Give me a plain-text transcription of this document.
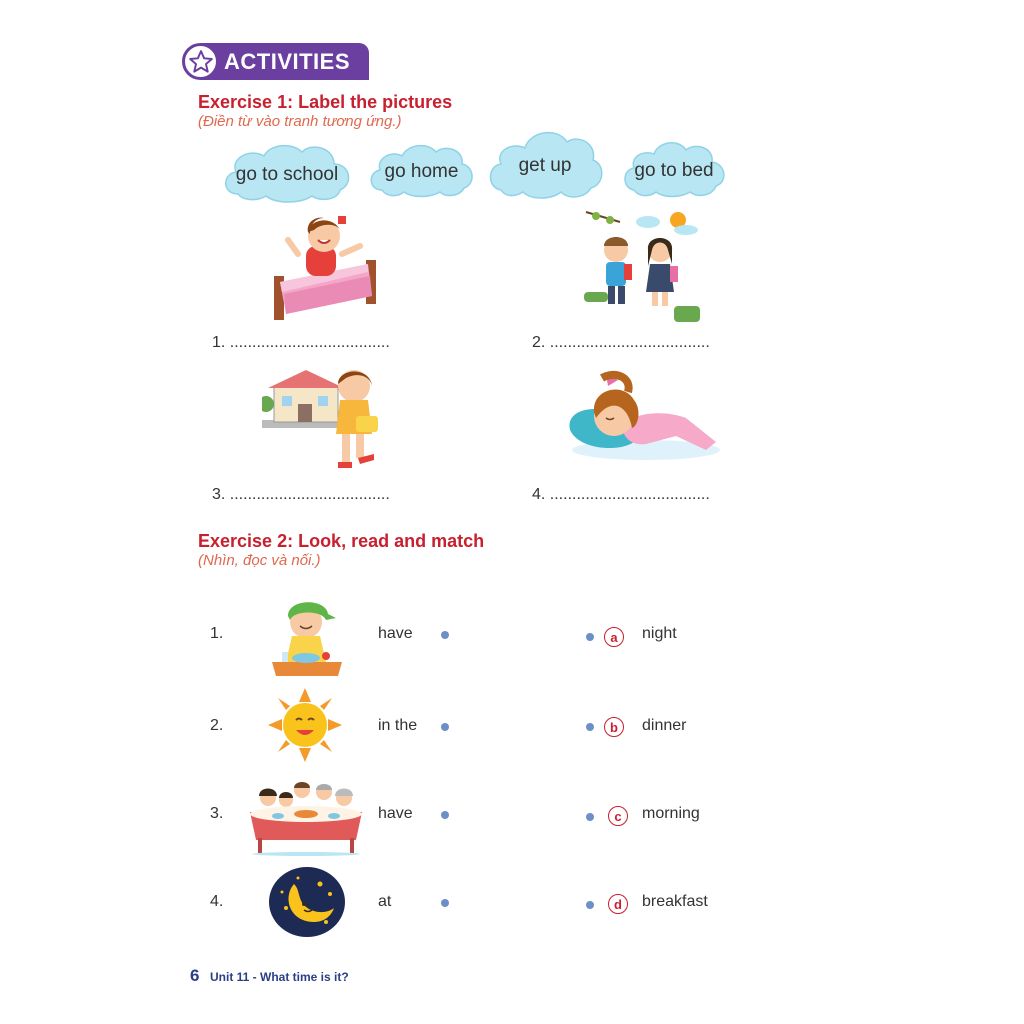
ACTIVITIES
Exercise 1: Label the pictures
(Điền từ vào tranh tương ứng.)
go to school	go home	get up	go to bed
1. ....................................	2. ....................................
3. ....................................	4. ....................................
Exercise 2: Look, read and match
(Nhìn, đọc và nối.)
1.	have	a	night
2.	in the	b	dinner
3.	have	c	morning
4.	at	d	breakfast
6 Unit 11 - What time is it?
